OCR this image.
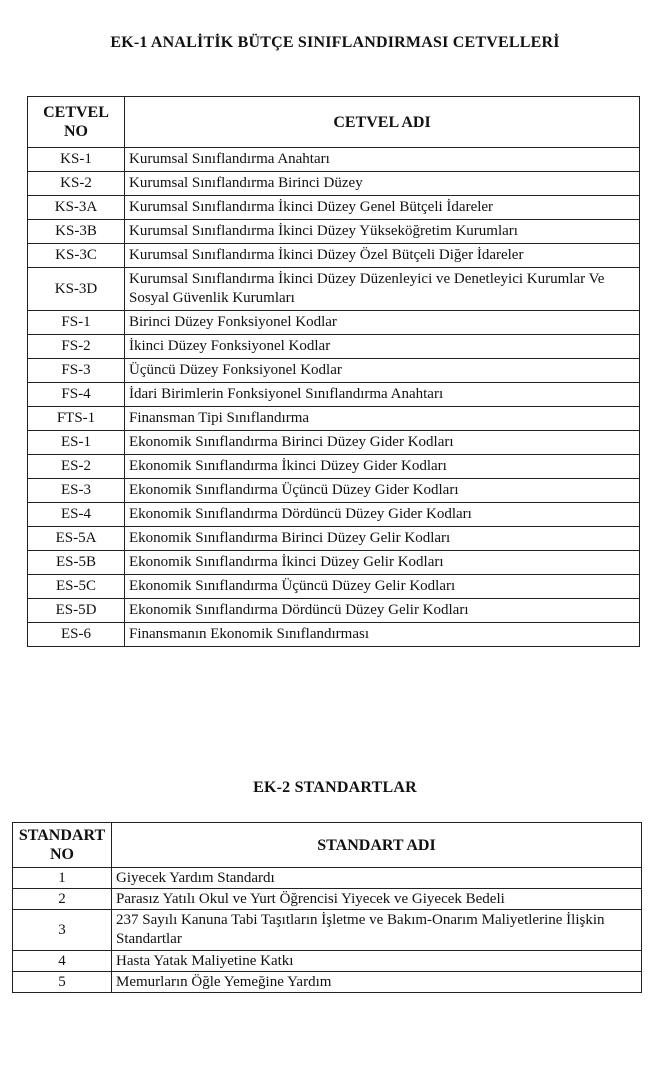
EK-1 ANALİTİK BÜTÇE SINIFLANDIRMASI CETVELLERİ
CETVEL NO	CETVEL ADI
KS-1	Kurumsal Sınıflandırma Anahtarı
KS-2	Kurumsal Sınıflandırma Birinci Düzey
KS-3A	Kurumsal Sınıflandırma İkinci Düzey Genel Bütçeli İdareler
KS-3B	Kurumsal Sınıflandırma İkinci Düzey Yükseköğretim Kurumları
KS-3C	Kurumsal Sınıflandırma İkinci Düzey Özel Bütçeli Diğer İdareler
KS-3D	Kurumsal Sınıflandırma İkinci Düzey Düzenleyici ve Denetleyici Kurumlar Ve Sosyal Güvenlik Kurumları
FS-1	Birinci Düzey Fonksiyonel Kodlar
FS-2	İkinci Düzey Fonksiyonel Kodlar
FS-3	Üçüncü Düzey Fonksiyonel Kodlar
FS-4	İdari Birimlerin Fonksiyonel Sınıflandırma Anahtarı
FTS-1	Finansman Tipi Sınıflandırma
ES-1	Ekonomik Sınıflandırma Birinci Düzey Gider Kodları
ES-2	Ekonomik Sınıflandırma İkinci Düzey Gider Kodları
ES-3	Ekonomik Sınıflandırma Üçüncü Düzey Gider Kodları
ES-4	Ekonomik Sınıflandırma Dördüncü Düzey Gider Kodları
ES-5A	Ekonomik Sınıflandırma Birinci Düzey Gelir Kodları
ES-5B	Ekonomik Sınıflandırma İkinci Düzey Gelir Kodları
ES-5C	Ekonomik Sınıflandırma Üçüncü Düzey Gelir Kodları
ES-5D	Ekonomik Sınıflandırma Dördüncü Düzey Gelir Kodları
ES-6	Finansmanın Ekonomik Sınıflandırması
EK-2 STANDARTLAR
STANDART NO	STANDART ADI
1	Giyecek Yardım Standardı
2	Parasız Yatılı Okul ve Yurt Öğrencisi Yiyecek ve Giyecek Bedeli
3	237 Sayılı Kanuna Tabi Taşıtların İşletme ve Bakım-Onarım Maliyetlerine İlişkin Standartlar
4	Hasta Yatak Maliyetine Katkı
5	Memurların Öğle Yemeğine Yardım
